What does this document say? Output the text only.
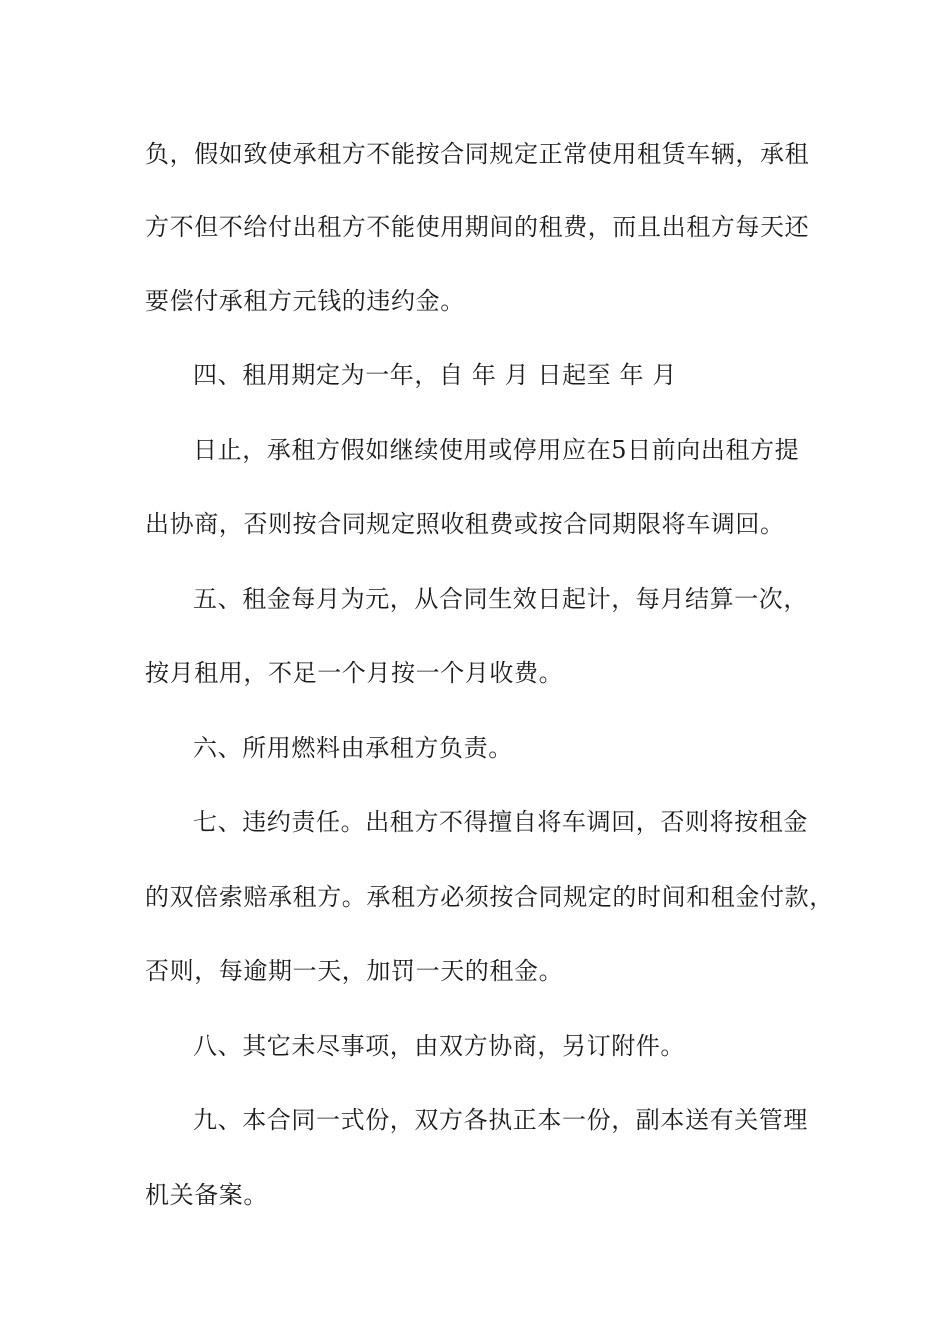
负，假如致使承租方不能按合同规定正常使用租赁车辆，承租
方不但不给付出租方不能使用期间的租费，而且出租方每天还
要偿付承租方元钱的违约金。
四、租用期定为一年，自 年 月 日起至 年 月
日止，承租方假如继续使用或停用应在5日前向出租方提
出协商，否则按合同规定照收租费或按合同期限将车调回。
五、租金每月为元，从合同生效日起计，每月结算一次，
按月租用，不足一个月按一个月收费。
六、所用燃料由承租方负责。
七、违约责任。出租方不得擅自将车调回，否则将按租金
的双倍索赔承租方。承租方必须按合同规定的时间和租金付款，
否则，每逾期一天，加罚一天的租金。
八、其它未尽事项，由双方协商，另订附件。
九、本合同一式份，双方各执正本一份，副本送有关管理
机关备案。
